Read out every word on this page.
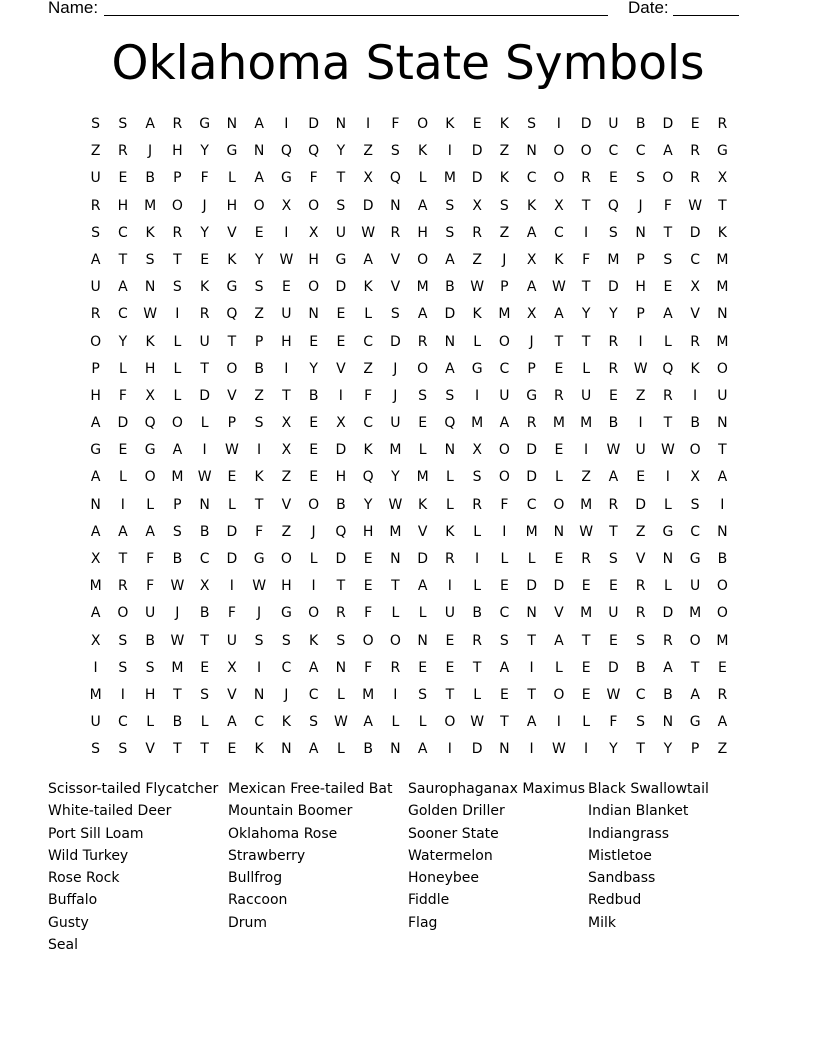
Name:	Date:
Oklahoma State Symbols
S	S	A	R	G	N	A	I	D	N	I	F	O	K	E	K	S	I	D	U	B	D	E	R
Z	R	J	H	Y	G	N	Q	Q	Y	Z	S	K	I	D	Z	N	O	O	C	C	A	R	G
U	E	B	P	F	L	A	G	F	T	X	Q	L	M	D	K	C	O	R	E	S	O	R	X
R	H	M	O	J	H	O	X	O	S	D	N	A	S	X	S	K	X	T	Q	J	F	W	T
S	C	K	R	Y	V	E	I	X	U	W	R	H	S	R	Z	A	C	I	S	N	T	D	K
A	T	S	T	E	K	Y	W	H	G	A	V	O	A	Z	J	X	K	F	M	P	S	C	M
U	A	N	S	K	G	S	E	O	D	K	V	M	B	W	P	A	W	T	D	H	E	X	M
R	C	W	I	R	Q	Z	U	N	E	L	S	A	D	K	M	X	A	Y	Y	P	A	V	N
O	Y	K	L	U	T	P	H	E	E	C	D	R	N	L	O	J	T	T	R	I	L	R	M
P	L	H	L	T	O	B	I	Y	V	Z	J	O	A	G	C	P	E	L	R	W	Q	K	O
H	F	X	L	D	V	Z	T	B	I	F	J	S	S	I	U	G	R	U	E	Z	R	I	U
A	D	Q	O	L	P	S	X	E	X	C	U	E	Q	M	A	R	M	M	B	I	T	B	N
G	E	G	A	I	W	I	X	E	D	K	M	L	N	X	O	D	E	I	W	U	W	O	T
A	L	O	M	W	E	K	Z	E	H	Q	Y	M	L	S	O	D	L	Z	A	E	I	X	A
N	I	L	P	N	L	T	V	O	B	Y	W	K	L	R	F	C	O	M	R	D	L	S	I
A	A	A	S	B	D	F	Z	J	Q	H	M	V	K	L	I	M	N	W	T	Z	G	C	N
X	T	F	B	C	D	G	O	L	D	E	N	D	R	I	L	L	E	R	S	V	N	G	B
M	R	F	W	X	I	W	H	I	T	E	T	A	I	L	E	D	D	E	E	R	L	U	O
A	O	U	J	B	F	J	G	O	R	F	L	L	U	B	C	N	V	M	U	R	D	M	O
X	S	B	W	T	U	S	S	K	S	O	O	N	E	R	S	T	A	T	E	S	R	O	M
I	S	S	M	E	X	I	C	A	N	F	R	E	E	T	A	I	L	E	D	B	A	T	E
M	I	H	T	S	V	N	J	C	L	M	I	S	T	L	E	T	O	E	W	C	B	A	R
U	C	L	B	L	A	C	K	S	W	A	L	L	O	W	T	A	I	L	F	S	N	G	A
S	S	V	T	T	E	K	N	A	L	B	N	A	I	D	N	I	W	I	Y	T	Y	P	Z
Scissor-tailed Flycatcher
White-tailed Deer
Port Sill Loam
Wild Turkey
Rose Rock
Buffalo
Gusty
Seal
Mexican Free-tailed Bat
Mountain Boomer
Oklahoma Rose
Strawberry
Bullfrog
Raccoon
Drum
Saurophaganax Maximus
Golden Driller
Sooner State
Watermelon
Honeybee
Fiddle
Flag
Black Swallowtail
Indian Blanket
Indiangrass
Mistletoe
Sandbass
Redbud
Milk
